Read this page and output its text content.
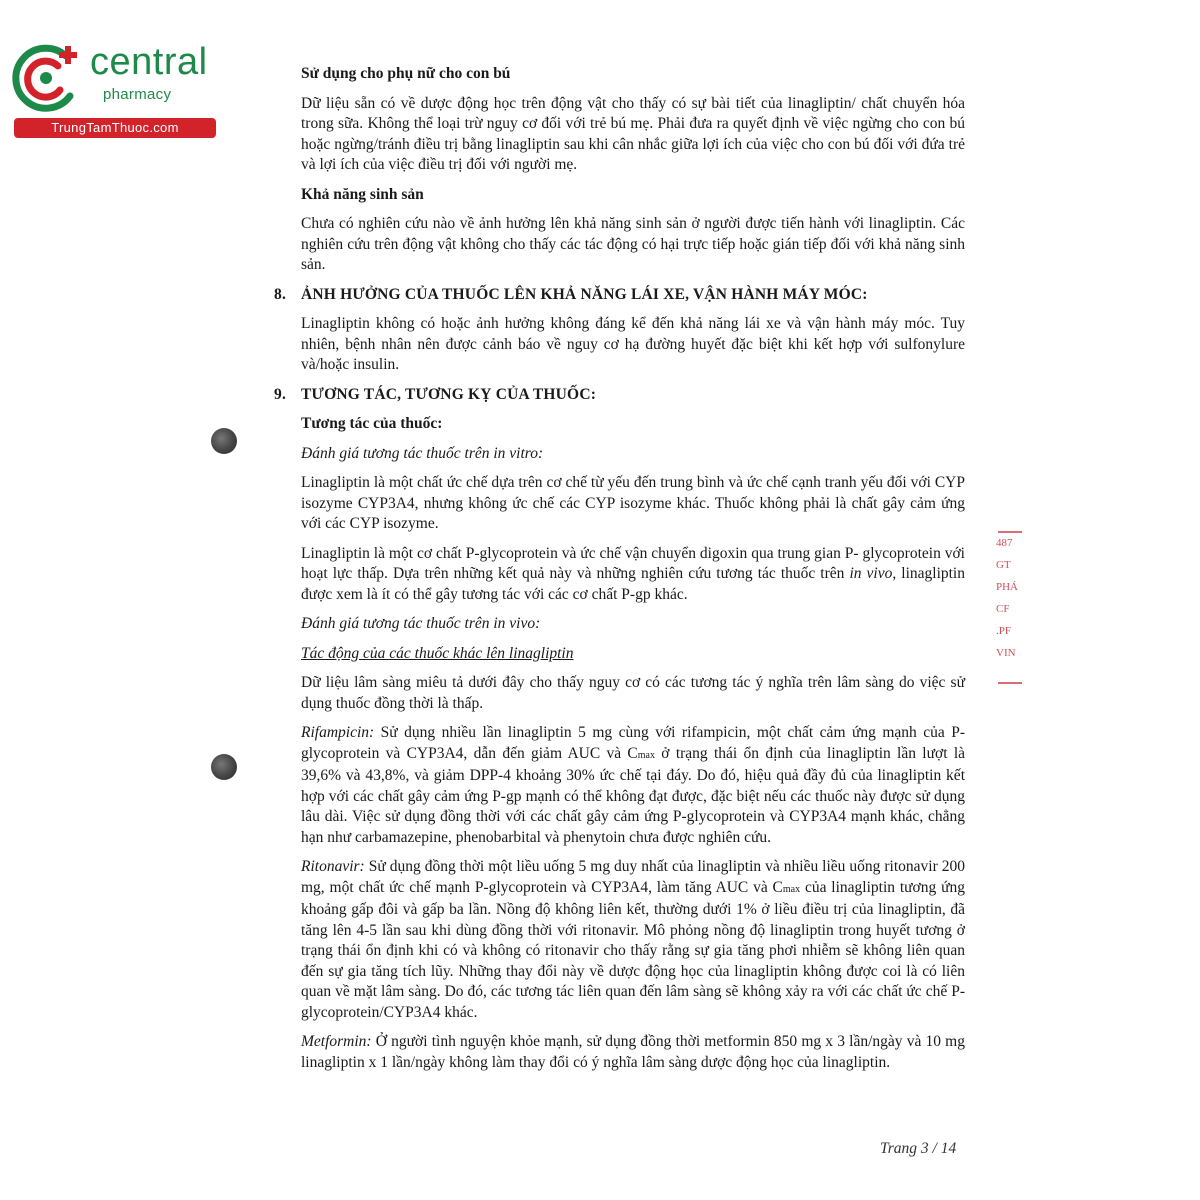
central
pharmacy
TrungTamThuoc.com
487
GT
PHÁ
CF
.PF
VIN
Sử dụng cho phụ nữ cho con bú

Dữ liệu sẵn có về dược động học trên động vật cho thấy có sự bài tiết của linagliptin/ chất chuyển hóa trong sữa. Không thể loại trừ nguy cơ đối với trẻ bú mẹ. Phải đưa ra quyết định về việc ngừng cho con bú hoặc ngừng/tránh điều trị bằng linagliptin sau khi cân nhắc giữa lợi ích của việc cho con bú đối với đứa trẻ và lợi ích của việc điều trị đối với người mẹ.

Khả năng sinh sản

Chưa có nghiên cứu nào về ảnh hưởng lên khả năng sinh sản ở người được tiến hành với linagliptin. Các nghiên cứu trên động vật không cho thấy các tác động có hại trực tiếp hoặc gián tiếp đối với khả năng sinh sản.

8. ẢNH HƯỞNG CỦA THUỐC LÊN KHẢ NĂNG LÁI XE, VẬN HÀNH MÁY MÓC:

Linagliptin không có hoặc ảnh hưởng không đáng kể đến khả năng lái xe và vận hành máy móc. Tuy nhiên, bệnh nhân nên được cảnh báo về nguy cơ hạ đường huyết đặc biệt khi kết hợp với sulfonylure và/hoặc insulin.

9. TƯƠNG TÁC, TƯƠNG KỴ CỦA THUỐC:
Tương tác của thuốc:
Đánh giá tương tác thuốc trên in vitro:

Linagliptin là một chất ức chế dựa trên cơ chế từ yếu đến trung bình và ức chế cạnh tranh yếu đối với CYP isozyme CYP3A4, nhưng không ức chế các CYP isozyme khác. Thuốc không phải là chất gây cảm ứng với các CYP isozyme.

Linagliptin là một cơ chất P-glycoprotein và ức chế vận chuyển digoxin qua trung gian P- glycoprotein với hoạt lực thấp. Dựa trên những kết quả này và những nghiên cứu tương tác thuốc trên in vivo, linagliptin được xem là ít có thể gây tương tác với các cơ chất P-gp khác.

Đánh giá tương tác thuốc trên in vivo:
Tác động của các thuốc khác lên linagliptin

Dữ liệu lâm sàng miêu tả dưới đây cho thấy nguy cơ có các tương tác ý nghĩa trên lâm sàng do việc sử dụng thuốc đồng thời là thấp.

Rifampicin: Sử dụng nhiều lần linagliptin 5 mg cùng với rifampicin, một chất cảm ứng mạnh của P-glycoprotein và CYP3A4, dẫn đến giảm AUC và Cmax ở trạng thái ổn định của linagliptin lần lượt là 39,6% và 43,8%, và giảm DPP-4 khoảng 30% ức chế tại đáy. Do đó, hiệu quả đầy đủ của linagliptin kết hợp với các chất gây cảm ứng P-gp mạnh có thể không đạt được, đặc biệt nếu các thuốc này được sử dụng lâu dài. Việc sử dụng đồng thời với các chất gây cảm ứng P-glycoprotein và CYP3A4 mạnh khác, chẳng hạn như carbamazepine, phenobarbital và phenytoin chưa được nghiên cứu.

Ritonavir: Sử dụng đồng thời một liều uống 5 mg duy nhất của linagliptin và nhiều liều uống ritonavir 200 mg, một chất ức chế mạnh P-glycoprotein và CYP3A4, làm tăng AUC và Cmax của linagliptin tương ứng khoảng gấp đôi và gấp ba lần. Nồng độ không liên kết, thường dưới 1% ở liều điều trị của linagliptin, đã tăng lên 4-5 lần sau khi dùng đồng thời với ritonavir. Mô phỏng nồng độ linagliptin trong huyết tương ở trạng thái ổn định khi có và không có ritonavir cho thấy rằng sự gia tăng phơi nhiễm sẽ không liên quan đến sự gia tăng tích lũy. Những thay đổi này về dược động học của linagliptin không được coi là có liên quan về mặt lâm sàng. Do đó, các tương tác liên quan đến lâm sàng sẽ không xảy ra với các chất ức chế P-glycoprotein/CYP3A4 khác.

Metformin: Ở người tình nguyện khỏe mạnh, sử dụng đồng thời metformin 850 mg x 3 lần/ngày và 10 mg linagliptin x 1 lần/ngày không làm thay đổi có ý nghĩa lâm sàng dược động học của linagliptin.

Trang 3 / 14
